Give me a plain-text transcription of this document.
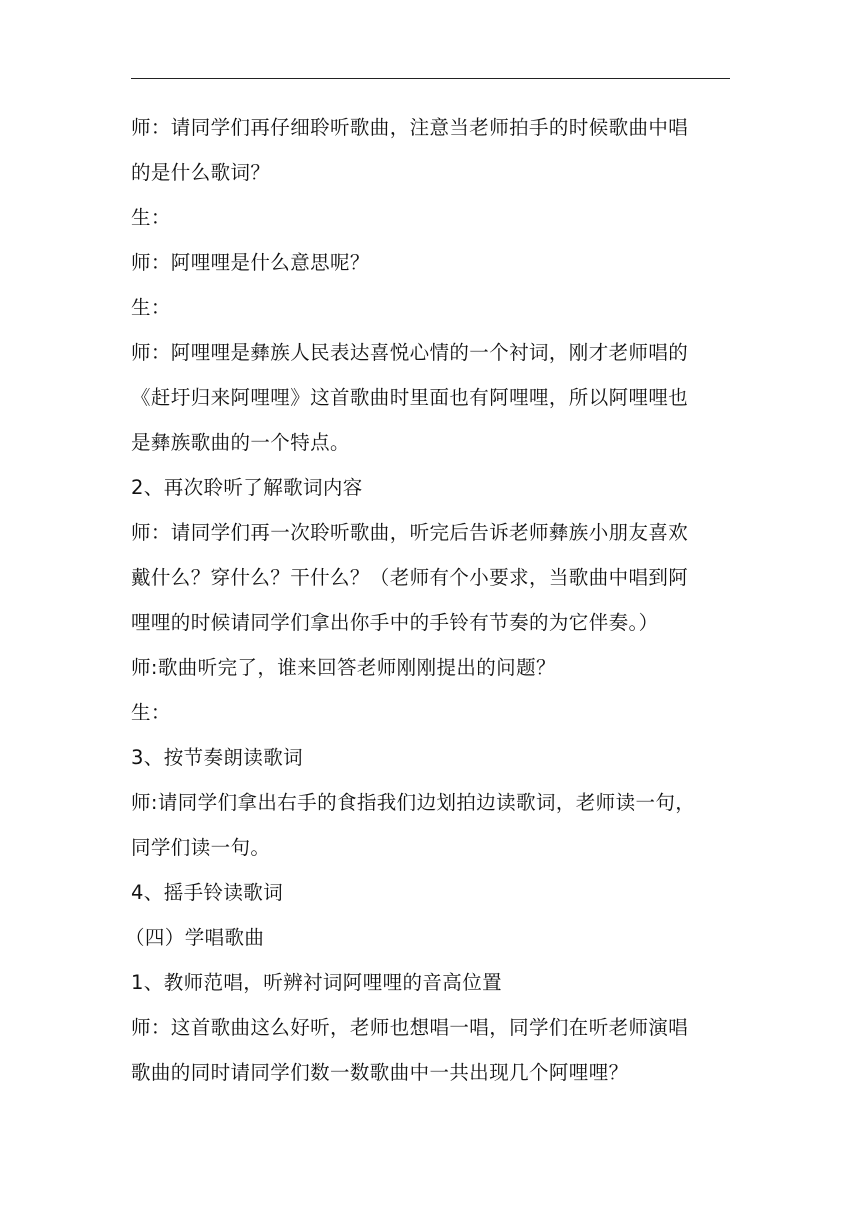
师：请同学们再仔细聆听歌曲，注意当老师拍手的时候歌曲中唱
的是什么歌词？
生：
师：阿哩哩是什么意思呢？
生：
师：阿哩哩是彝族人民表达喜悦心情的一个衬词，刚才老师唱的
《赶圩归来阿哩哩》这首歌曲时里面也有阿哩哩，所以阿哩哩也
是彝族歌曲的一个特点。
2、再次聆听了解歌词内容
师：请同学们再一次聆听歌曲，听完后告诉老师彝族小朋友喜欢
戴什么？穿什么？干什么？（老师有个小要求，当歌曲中唱到阿
哩哩的时候请同学们拿出你手中的手铃有节奏的为它伴奏。）
师:歌曲听完了，谁来回答老师刚刚提出的问题？
生：
3、按节奏朗读歌词
师:请同学们拿出右手的食指我们边划拍边读歌词，老师读一句，
同学们读一句。
4、摇手铃读歌词
（四）学唱歌曲
1、教师范唱，听辨衬词阿哩哩的音高位置
师：这首歌曲这么好听，老师也想唱一唱，同学们在听老师演唱
歌曲的同时请同学们数一数歌曲中一共出现几个阿哩哩？
